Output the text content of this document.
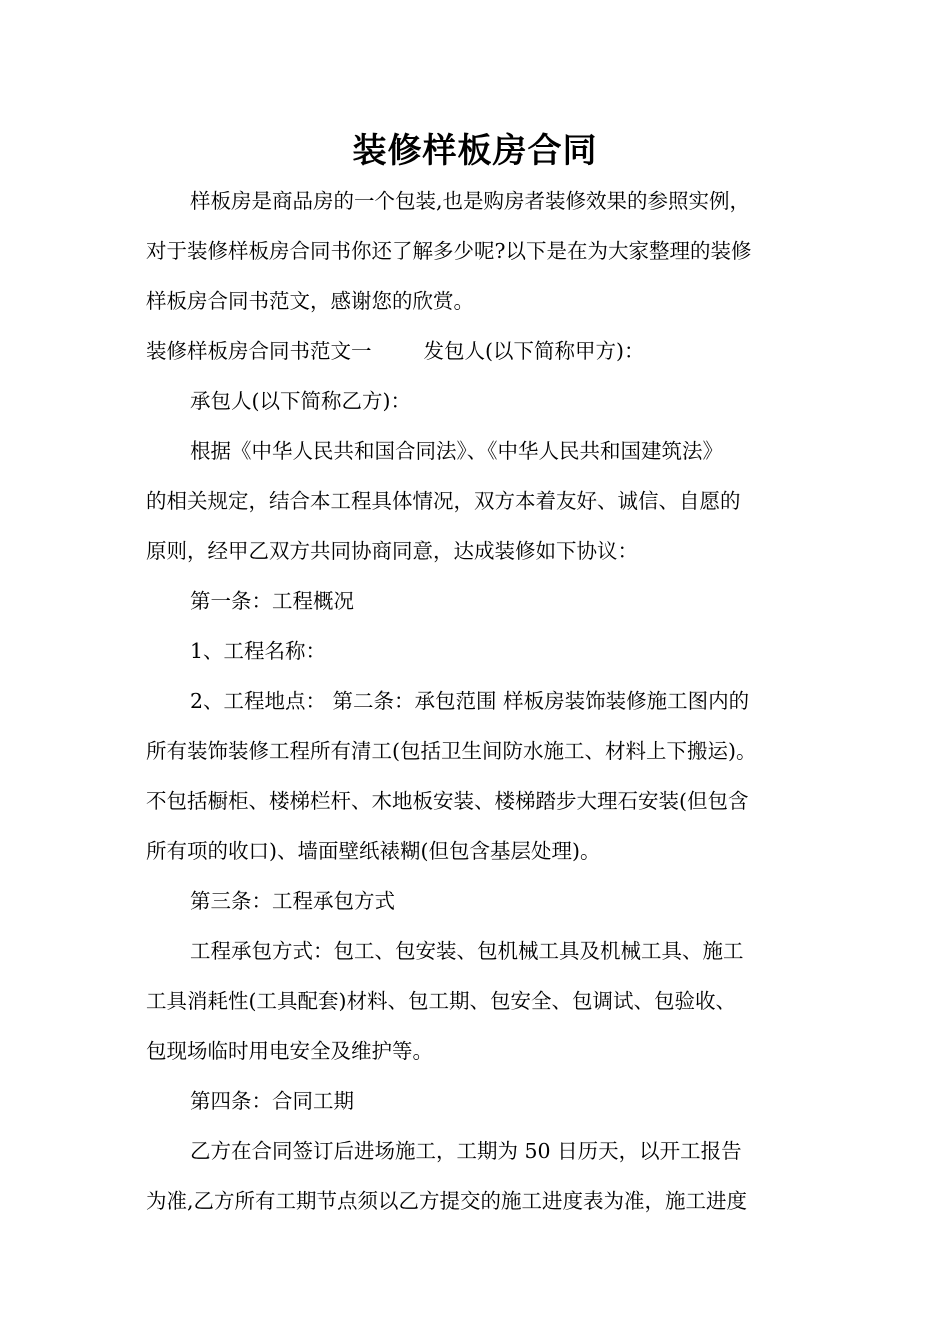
装修样板房合同
样板房是商品房的一个包装,也是购房者装修效果的参照实例，
对于装修样板房合同书你还了解多少呢?以下是在为大家整理的装修
样板房合同书范文，感谢您的欣赏。
装修样板房合同书范文一	发包人(以下简称甲方)：
承包人(以下简称乙方)：
根据《中华人民共和国合同法》、《中华人民共和国建筑法》
的相关规定，结合本工程具体情况，双方本着友好、诚信、自愿的
原则，经甲乙双方共同协商同意，达成装修如下协议：
第一条：工程概况
1、工程名称：
2、工程地点： 第二条：承包范围 样板房装饰装修施工图内的
所有装饰装修工程所有清工(包括卫生间防水施工、材料上下搬运)。
不包括橱柜、楼梯栏杆、木地板安装、楼梯踏步大理石安装(但包含
所有项的收口)、墙面壁纸裱糊(但包含基层处理)。
第三条：工程承包方式
工程承包方式：包工、包安装、包机械工具及机械工具、施工
工具消耗性(工具配套)材料、包工期、包安全、包调试、包验收、
包现场临时用电安全及维护等。
第四条：合同工期
乙方在合同签订后进场施工，工期为 50 日历天，以开工报告
为准,乙方所有工期节点须以乙方提交的施工进度表为准，施工进度
